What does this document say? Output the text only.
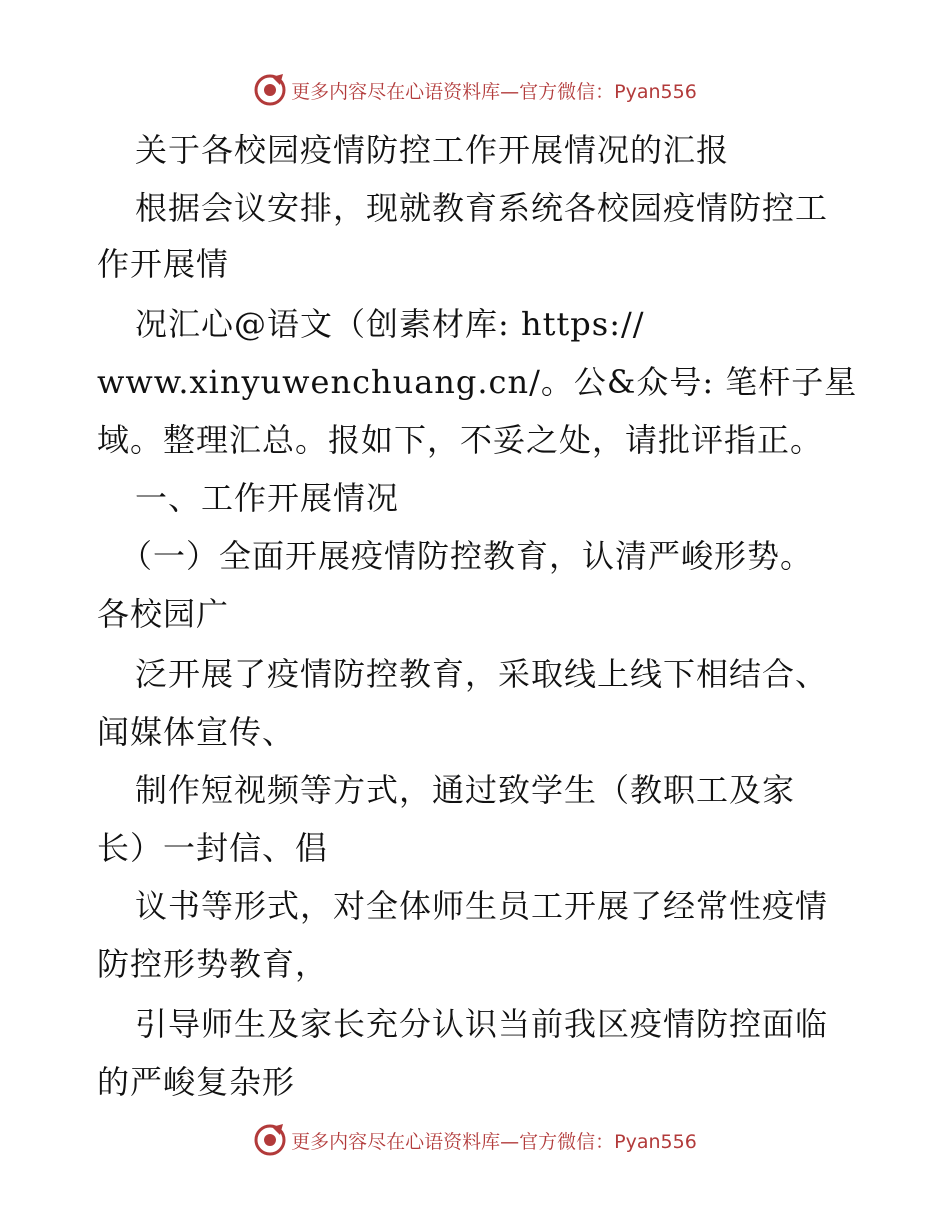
更多内容尽在心语资料库—官方微信：Pyan556
关于各校园疫情防控工作开展情况的汇报
根据会议安排，现就教育系统各校园疫情防控工
作开展情
况汇心@语文（创素材库: https://
www.xinyuwenchuang.cn/。公&众号: 笔杆子星
域。整理汇总。报如下，不妥之处，请批评指正。
一、工作开展情况
（一）全面开展疫情防控教育，认清严峻形势。
各校园广
泛开展了疫情防控教育，采取线上线下相结合、
闻媒体宣传、
制作短视频等方式，通过致学生（教职工及家
长）一封信、倡
议书等形式，对全体师生员工开展了经常性疫情
防控形势教育，
引导师生及家长充分认识当前我区疫情防控面临
的严峻复杂形
更多内容尽在心语资料库—官方微信：Pyan556
